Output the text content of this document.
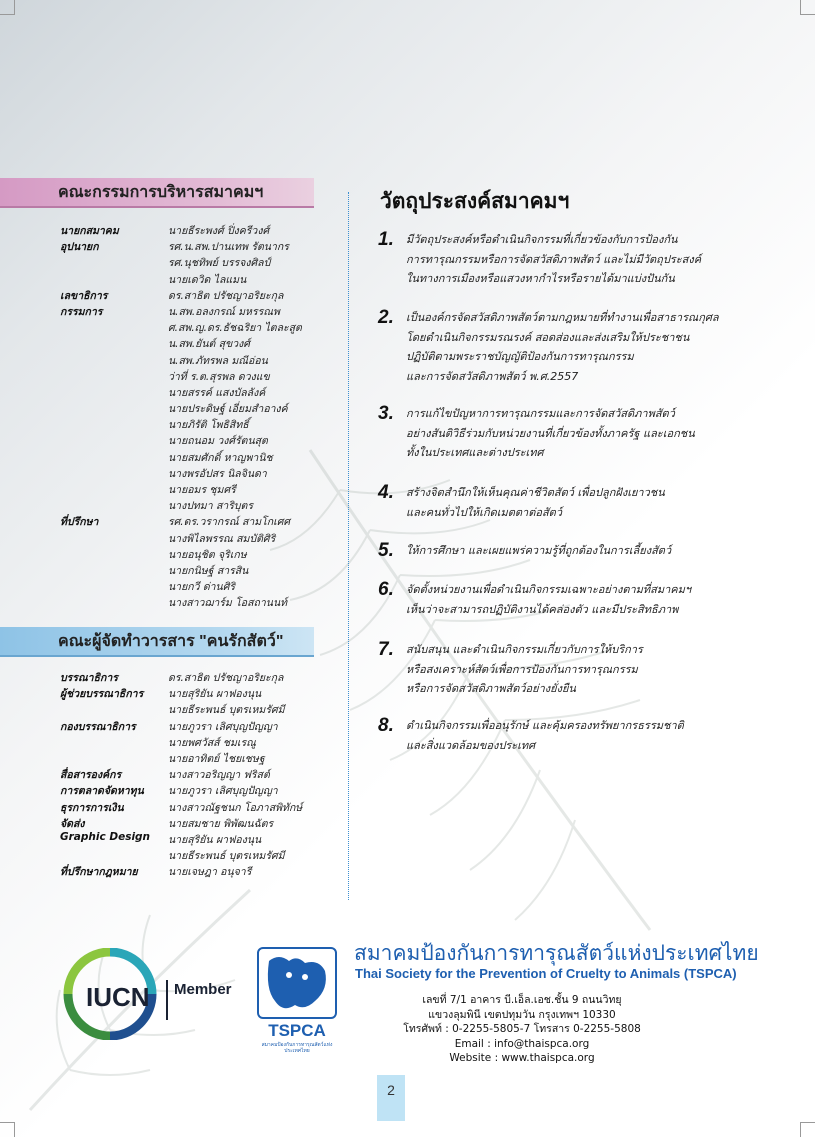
คณะกรรมการบริหารสมาคมฯ
นายกสมาคม	นายธีระพงศ์ ปิ่งครีวงศ์
อุปนายก	รศ.น.สพ.ปานเทพ รัตนากร
รศ.นุชทิพย์ บรรจงศิลป์
นายเดวิด ไลแมน
เลขาธิการ	ดร.สาธิต ปรัชญาอริยะกุล
กรรมการ	น.สพ.อลงกรณ์ มหรรณพ
ศ.สพ.ญ.ดร.ธัชฉริยา ไตละสูต
น.สพ.ยันต์ สุขวงศ์
น.สพ.ภัทรพล มณีอ่อน
ว่าที่ ร.ต.สุรพล ดวงแข
นายสรรค์ แสงบัลลังค์
นายประดิษฐ์ เอี่ยมสำอางค์
นายภิรัติ โพธิสิทธิ์
นายถนอม วงศ์รัตนสุต
นายสมศักดิ์ หาญพานิช
นางพรอัปสร นิลจินดา
นายอมร ชุมศรี
นางปทมา สาริบุตร
ที่ปรึกษา	รศ.ดร.วรากรณ์ สามโกเศศ
นางพิไลพรรณ สมบัติศิริ
นายอนุชิต จุริเกษ
นายกนิษฐ์ สารสิน
นายกวี ด่านศิริ
นางสาวฌาร์ม โอสถานนท์
คณะผู้จัดทำวารสาร "คนรักสัตว์"
บรรณาธิการ	ดร.สาธิต ปรัชญาอริยะกุล
ผู้ช่วยบรรณาธิการ	นายสุริยัน ผาฟองนุน
นายธีระพนธ์ บุตรเหมรัศมี
กองบรรณาธิการ	นายภูวรา เลิศบุญปัญญา
นายพศวัสส์ ชมเรณู
นายอาทิตย์ ไชยเชษฐ
สื่อสารองค์กร	นางสาวอริญญา ฟริสต์
การตลาดจัดหาทุน	นายภูวรา เลิศบุญปัญญา
ธุรการการเงิน	นางสาวณัฐชนก โอภาสพิทักษ์
จัดส่ง	นายสมชาย พิพัฒนฉัตร
Graphic Design	นายสุริยัน ผาฟองนุน
นายธีระพนธ์ บุตรเหมรัศมี
ที่ปรึกษากฎหมาย	นายเจษฎา อนุจารี
วัตถุประสงค์สมาคมฯ
1.	มีวัตถุประสงค์หรือดำเนินกิจกรรมที่เกี่ยวข้องกับการป้องกัน
การทารุณกรรมหรือการจัดสวัสดิภาพสัตว์ และไม่มีวัตถุประสงค์
ในทางการเมืองหรือแสวงหากำไรหรือรายได้มาแบ่งปันกัน
2.	เป็นองค์กรจัดสวัสดิภาพสัตว์ตามกฎหมายที่ทำงานเพื่อสาธารณกุศล
โดยดำเนินกิจกรรมรณรงค์ สอดส่องและส่งเสริมให้ประชาชน
ปฏิบัติตามพระราชบัญญัติป้องกันการทารุณกรรม
และการจัดสวัสดิภาพสัตว์ พ.ศ.2557
3.	การแก้ไขปัญหาการทารุณกรรมและการจัดสวัสดิภาพสัตว์
อย่างสันติวิธีร่วมกับหน่วยงานที่เกี่ยวข้องทั้งภาครัฐ และเอกชน
ทั้งในประเทศและต่างประเทศ
4.	สร้างจิตสำนึกให้เห็นคุณค่าชีวิตสัตว์ เพื่อปลูกฝังเยาวชน
และคนทั่วไปให้เกิดเมตตาต่อสัตว์
5.	ให้การศึกษา และเผยแพร่ความรู้ที่ถูกต้องในการเลี้ยงสัตว์
6.	จัดตั้งหน่วยงานเพื่อดำเนินกิจกรรมเฉพาะอย่างตามที่สมาคมฯ
เห็นว่าจะสามารถปฏิบัติงานได้คล่องตัว และมีประสิทธิภาพ
7.	สนับสนุน และดำเนินกิจกรรมเกี่ยวกับการให้บริการ
หรือสงเคราะห์สัตว์เพื่อการป้องกันการทารุณกรรม
หรือการจัดสวัสดิภาพสัตว์อย่างยั่งยืน
8.	ดำเนินกิจกรรมเพื่ออนุรักษ์ และคุ้มครองทรัพยากรธรรมชาติ
และสิ่งแวดล้อมของประเทศ
IUCN Member
TSPCA
สมาคมป้องกันการทารุณสัตว์แห่งประเทศไทย
สมาคมป้องกันการทารุณสัตว์แห่งประเทศไทย
Thai Society for the Prevention of Cruelty to Animals (TSPCA)
เลขที่ 7/1 อาคาร บี.เอ็ล.เอช.ชั้น 9 ถนนวิทยุ
แขวงลุมพินี เขตปทุมวัน กรุงเทพฯ 10330
โทรศัพท์ : 0-2255-5805-7 โทรสาร 0-2255-5808
Email : info@thaispca.org
Website : www.thaispca.org
2
